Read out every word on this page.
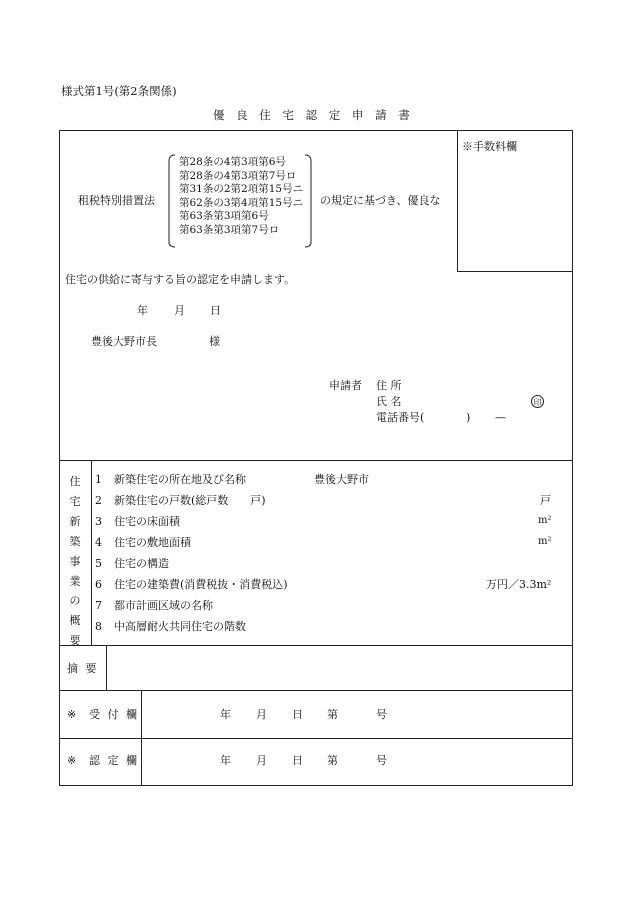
様式第1号(第2条関係)
優 良 住 宅 認 定 申 請 書
※手数料欄
租税特別措置法
第28条の4第3項第6号
第28条の4第3項第7号ロ
第31条の2第2項第15号ニ
第62条の3第4項第15号ニ
第63条第3項第6号
第63条第3項第7号ロ
の規定に基づき、優良な
住宅の供給に寄与する旨の認定を申請します。
年 月 日
豊後大野市長	様
申請者 住 所
氏 名	印
電話番号(	) —
住
宅
新
築
事
業
の
概
要
1 新築住宅の所在地及び名称	豊後大野市
2 新築住宅の戸数(総戸数　　戸)	戸
3 住宅の床面積	m²
4 住宅の敷地面積	m²
5 住宅の構造
6 住宅の建築費(消費税抜・消費税込)	万円／3.3m²
7 都市計画区域の名称
8 中高層耐火共同住宅の階数
摘 要
※ 受 付 欄	年 月 日 第	号
※ 認 定 欄	年 月 日 第	号
